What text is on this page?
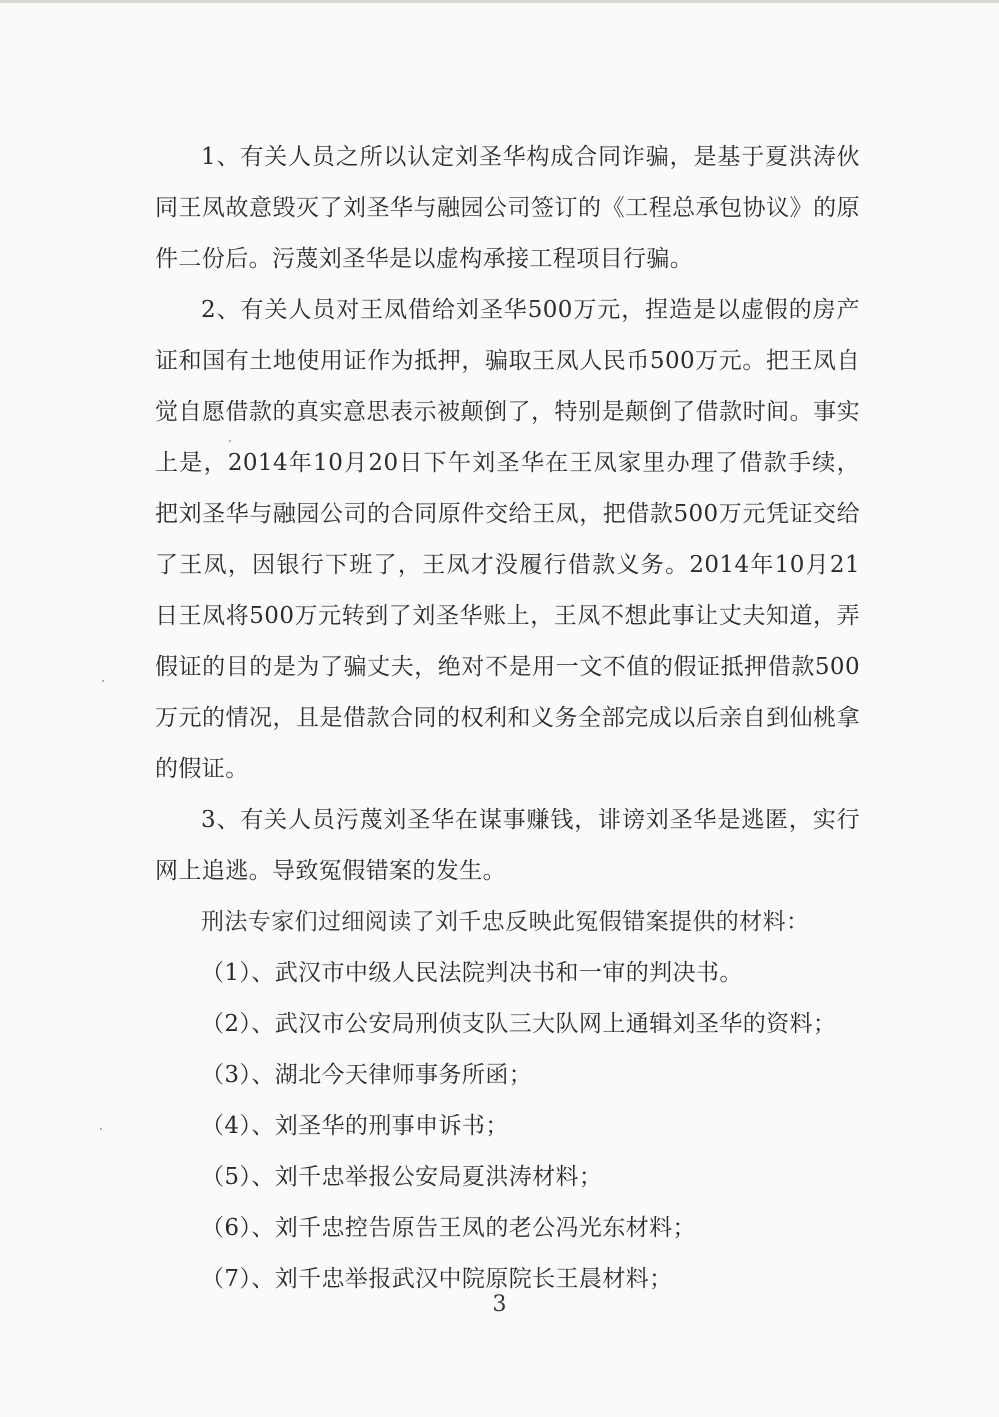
1、有关人员之所以认定刘圣华构成合同诈骗，是基于夏洪涛伙同王凤故意毁灭了刘圣华与融园公司签订的《工程总承包协议》的原件二份后。污蔑刘圣华是以虚构承接工程项目行骗。

2、有关人员对王凤借给刘圣华500万元，捏造是以虚假的房产证和国有土地使用证作为抵押，骗取王凤人民币500万元。把王凤自觉自愿借款的真实意思表示被颠倒了，特别是颠倒了借款时间。事实上是，2014年10月20日下午刘圣华在王凤家里办理了借款手续，把刘圣华与融园公司的合同原件交给王凤，把借款500万元凭证交给了王凤，因银行下班了，王凤才没履行借款义务。2014年10月21日王凤将500万元转到了刘圣华账上，王凤不想此事让丈夫知道，弄假证的目的是为了骗丈夫，绝对不是用一文不值的假证抵押借款500万元的情况，且是借款合同的权利和义务全部完成以后亲自到仙桃拿的假证。

3、有关人员污蔑刘圣华在谋事赚钱，诽谤刘圣华是逃匿，实行网上追逃。导致冤假错案的发生。

刑法专家们过细阅读了刘千忠反映此冤假错案提供的材料：

（1）、武汉市中级人民法院判决书和一审的判决书。

（2）、武汉市公安局刑侦支队三大队网上通辑刘圣华的资料；

（3）、湖北今天律师事务所函；

（4）、刘圣华的刑事申诉书；

（5）、刘千忠举报公安局夏洪涛材料；

（6）、刘千忠控告原告王凤的老公冯光东材料；

（7）、刘千忠举报武汉中院原院长王晨材料；

3
